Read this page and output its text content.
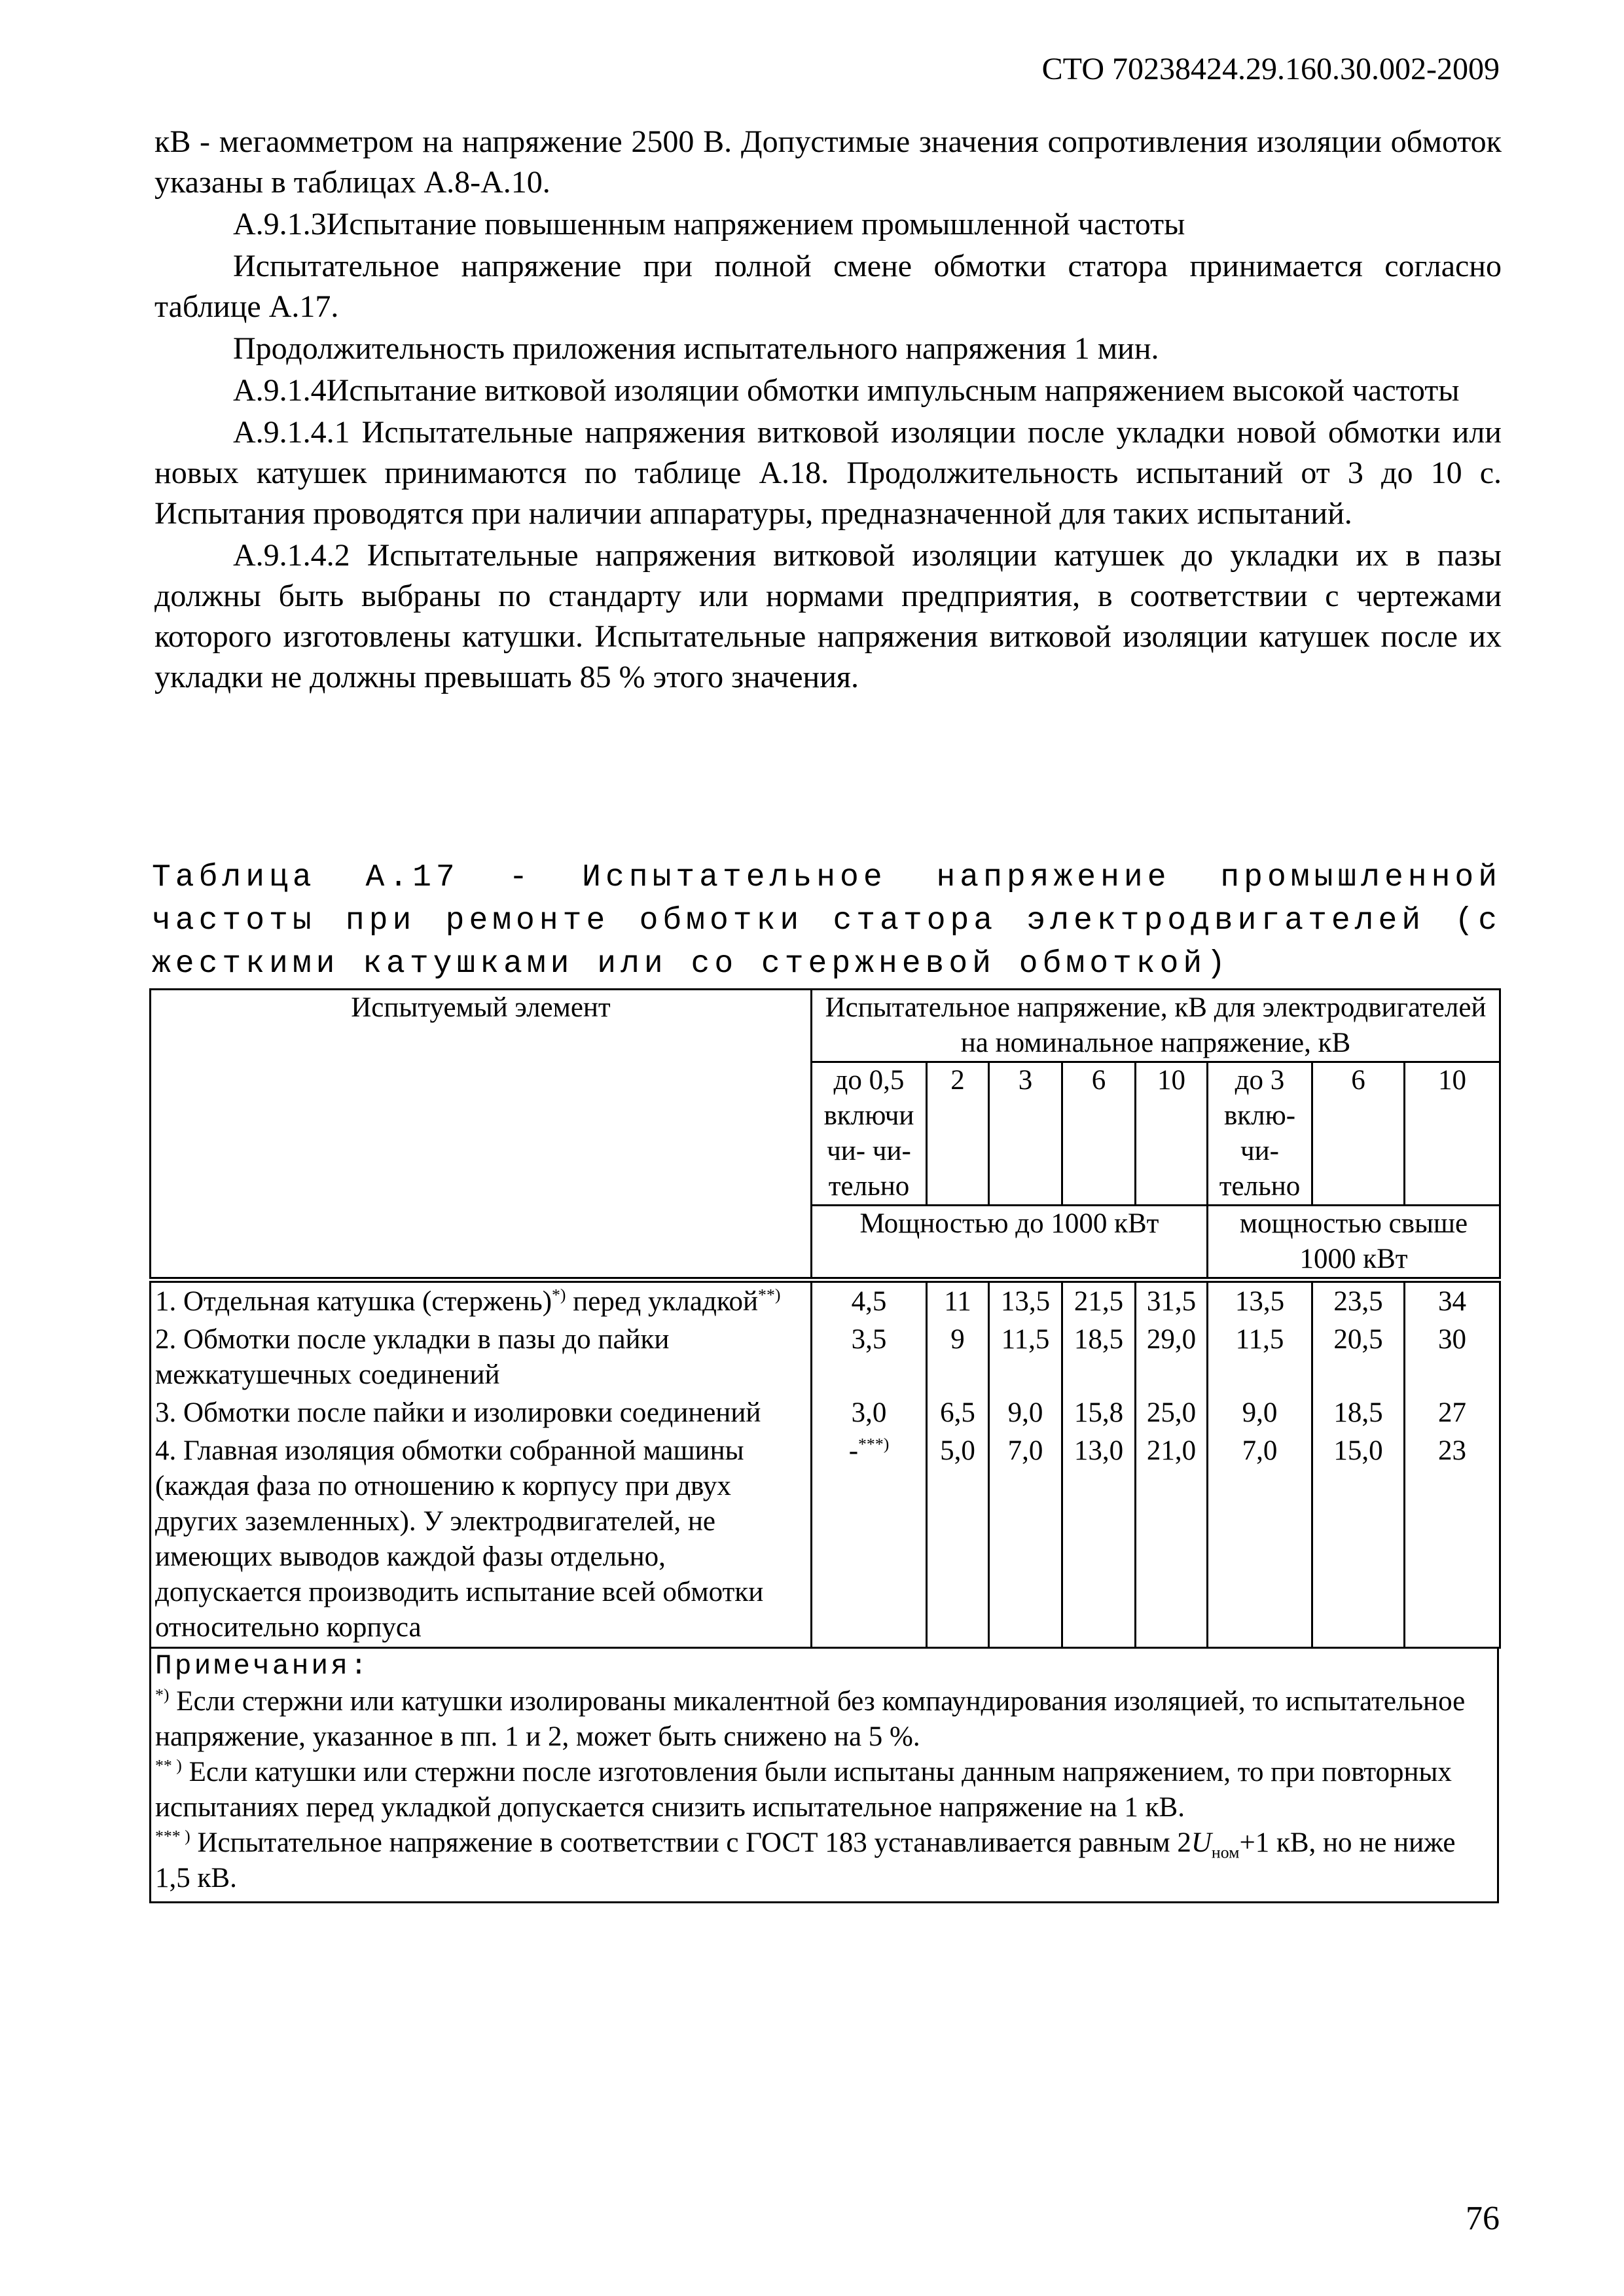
СТО 70238424.29.160.30.002-2009

кВ - мегаомметром на напряжение 2500 В. Допустимые значения сопротивления изоляции обмоток указаны в таблицах А.8-А.10.

А.9.1.3Испытание повышенным напряжением промышленной частоты

Испытательное напряжение при полной смене обмотки статора принимается согласно таблице А.17.

Продолжительность приложения испытательного напряжения 1 мин.

А.9.1.4Испытание витковой изоляции обмотки импульсным напряжением высокой частоты

А.9.1.4.1 Испытательные напряжения витковой изоляции после укладки новой обмотки или новых катушек принимаются по таблице А.18. Продолжительность испытаний от 3 до 10 с. Испытания проводятся при наличии аппаратуры, предназначенной для таких испытаний.

А.9.1.4.2 Испытательные напряжения витковой изоляции катушек до укладки их в пазы должны быть выбраны по стандарту или нормами предприятия, в соответствии с чертежами которого изготовлены катушки. Испытательные напряжения витковой изоляции катушек после их укладки не должны превышать 85 % этого значения.

Таблица А.17 - Испытательное напряжение промышленной частоты при ремонте обмотки статора электродвигателей (с жесткими катушками или со стержневой обмоткой)

Испытуемый элемент	Испытательное напряжение, кВ для электродвигателей на номинальное напряжение, кВ							
	до 0,5 включи чи- чи- тельно	2	3	6	10	до 3 вклю- чи- тельно	6	10
	Мощностью до 1000 кВт					мощностью свыше 1000 кВт		
1. Отдельная катушка (стержень)*) перед укладкой**)	4,5	11	13,5	21,5	31,5	13,5	23,5	34
2. Обмотки после укладки в пазы до пайки межкатушечных соединений	3,5	9	11,5	18,5	29,0	11,5	20,5	30
3. Обмотки после пайки и изолировки соединений	3,0	6,5	9,0	15,8	25,0	9,0	18,5	27
4. Главная изоляция обмотки собранной машины (каждая фаза по отношению к корпусу при двух других заземленных). У электродвигателей, не имеющих выводов каждой фазы отдельно, допускается производить испытание всей обмотки относительно корпуса	-***)	5,0	7,0	13,0	21,0	7,0	15,0	23

Примечания:

*) Если стержни или катушки изолированы микалентной без компаундирования изоляцией, то испытательное напряжение, указанное в пп. 1 и 2, может быть снижено на 5 %.

** ) Если катушки или стержни после изготовления были испытаны данным напряжением, то при повторных испытаниях перед укладкой допускается снизить испытательное напряжение на 1 кВ.

*** ) Испытательное напряжение в соответствии с ГОСТ 183 устанавливается равным $2U_{ном}+1$ кВ, но не ниже 1,5 кВ.

76
